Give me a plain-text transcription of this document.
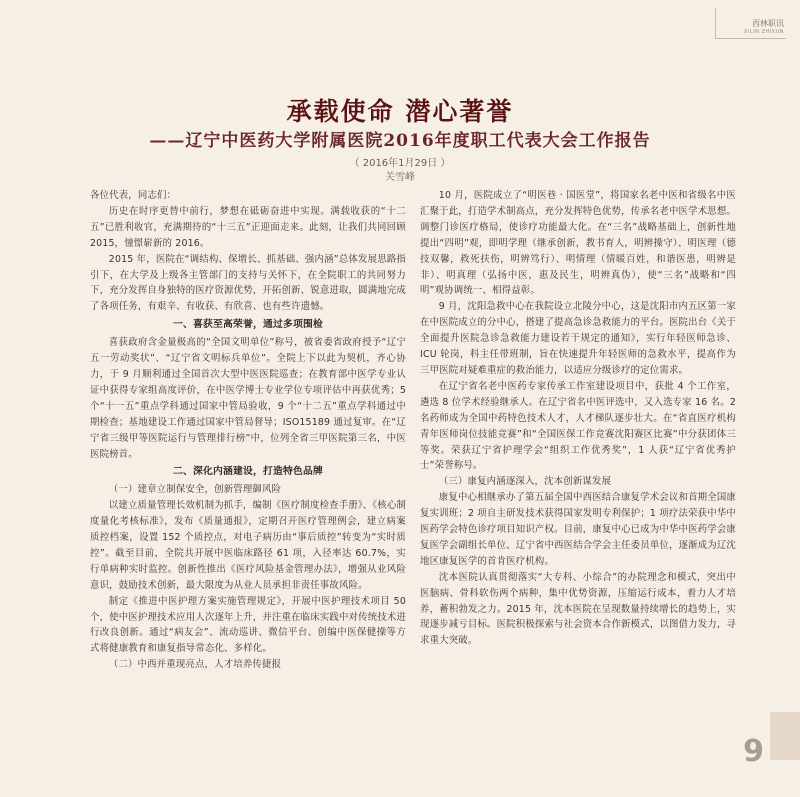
西林职讯
XILIN ZHIXUN
承载使命 潜心著誉
——辽宁中医药大学附属医院2016年度职工代表大会工作报告
（ 2016年1月29日 ）
关雪峰

各位代表，同志们：

历史在时序更替中前行，梦想在砥砺奋进中实现。满载收获的“十二五”已胜利收官，充满期待的“十三五”正迎面走来。此刻，让我们共同回顾 2015，憧憬崭新的 2016。

2015 年，医院在“调结构、保增长、抓基础、强内涵”总体发展思路指引下，在大学及上级各主管部门的支持与关怀下，在全院职工的共同努力下，充分发挥自身独特的医疗资源优势，开拓创新、锐意进取，圆满地完成了各项任务，有艰辛、有收获、有欣喜、也有些许遗憾。

一、喜获至高荣誉，通过多项围检

喜获政府含金量极高的“全国文明单位”称号，被省委省政府授予“辽宁五一劳动奖状”、“辽宁省文明标兵单位”。全院上下以此为契机，齐心协力，于 9 月顺利通过全国首次大型中医医院巡查；在教育部中医学专业认证中获得专家组高度评价，在中医学博士专业学位专项评估中再获优秀；5 个“十一五”重点学科通过国家中管局验收，9 个“十二五”重点学科通过中期检查；基地建设工作通过国家中管局督导；ISO15189 通过复审。在“辽宁省三级甲等医院运行与管理排行榜”中，位列全省三甲医院第三名，中医医院榜首。

二、深化内涵建设，打造特色品牌
（一）建章立制保安全，创新管理御风险

以建立质量管理长效机制为抓手，编制《医疗制度检查手册》、《核心制度量化考核标准》，发布《质量通报》，定期召开医疗管理例会，建立病案质控档案，设置 152 个质控点，对电子病历由“事后质控”转变为“实时质控”。截至目前，全院共开展中医临床路径 61 项，入径率达 60.7%，实行单病种实时监控。创新性推出《医疗风险基金管理办法》，增强从业风险意识，鼓励技术创新，最大限度为从业人员承担非责任事故风险。

制定《推进中医护理方案实施管理规定》，开展中医护理技术项目 50 个，使中医护理技术应用人次逐年上升，并注重在临床实践中对传统技术进行改良创新。通过“病友会”、流动巡讲、微信平台、创编中医保健操等方式将健康教育和康复指导常态化、多样化。

（二）中西并重现亮点，人才培养传捷报

10 月，医院成立了“明医巷 · 国医堂”，将国家名老中医和省级名中医汇聚于此，打造学术制高点，充分发挥特色优势，传承名老中医学术思想。调整门诊医疗格局，使诊疗功能最大化。在“三名”战略基础上，创新性地提出“四明”观，即明学理（继承创新，教书育人，明辨操守）、明医理（德技双馨，救死扶伤，明辨笃行）、明情理（情暖百姓，和谐医患，明辨是非）、明真理（弘扬中医，惠及民生，明辨真伪），使“三名”战略和“四明”观协调统一、相得益彰。

9 月，沈阳急救中心在我院设立北陵分中心，这是沈阳市内五区第一家在中医院成立的分中心，搭建了提高急诊急救能力的平台。医院出台《关于全面提升医院急诊急救能力建设若干规定的通知》，实行年轻医师急诊、ICU 轮岗，科主任带班制，旨在快速提升年轻医师的急救水平，提高作为三甲医院对疑难重症的救治能力，以适应分级诊疗的定位需求。

在辽宁省名老中医药专家传承工作室建设项目中，获批 4 个工作室，遴选 8 位学术经验继承人。在辽宁省名中医评选中，又入选专家 16 名。2 名药师成为全国中药特色技术人才，人才梯队逐步壮大。在“省直医疗机构青年医师岗位技能竞赛”和“全国医保工作竞赛沈阳赛区比赛”中分获团体三等奖。荣获辽宁省护理学会“组织工作优秀奖”，1 人获“辽宁省优秀护士”荣誉称号。

（三）康复内涵逐深入，沈本创新谋发展

康复中心相继承办了第五届全国中西医结合康复学术会议和首期全国康复实训班；2 项自主研发技术获得国家发明专利保护；1 项疗法荣获中华中医药学会特色诊疗项目知识产权。目前，康复中心已成为中华中医药学会康复医学会副组长单位、辽宁省中西医结合学会主任委员单位，逐渐成为辽沈地区康复医学的首肯医疗机构。

沈本医院认真贯彻落实“大专科、小综合”的办院理念和模式，突出中医脑病、骨科软伤两个病种，集中优势资源，压缩运行成本，着力人才培养，蓄积勃发之力。2015 年，沈本医院在呈现数量持续增长的趋势上，实现逐步减亏目标。医院积极探索与社会资本合作新模式，以图借力发力，寻求重大突破。

9
